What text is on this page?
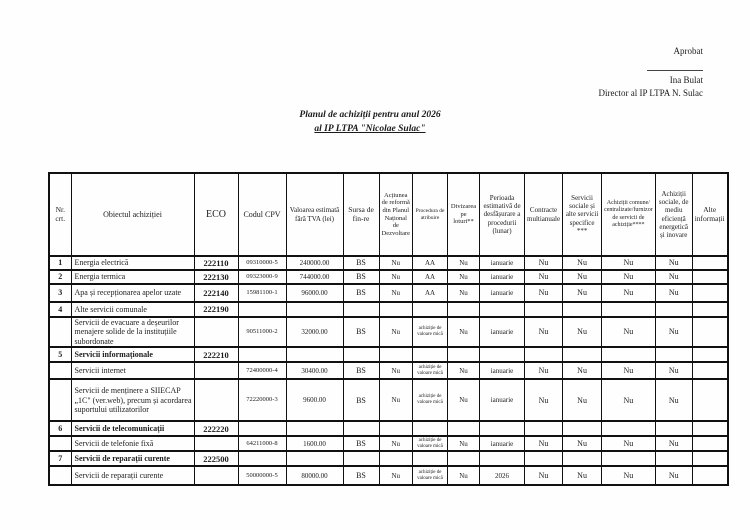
Aprobat
Ina Bulat
Director al IP LTPA N. Sulac
Planul de achiziții pentru anul 2026
al IP LTPA "Nicolae Sulac"
Nr. crt.	Obiectul achiziției	ECO	Codul CPV	Valoarea estimată fără TVA (lei)	Sursa de fin-re	Acțiunea de reformă din Planul Național de Dezvoltare	Procedura de atribuire	Divizarea pe loturi**	Perioada estimativă de desfășurare a procedurii (lunar)	Contracte multianuale	Servicii sociale și alte servicii specifice ***	Achiziții comune/ centralizate/furnizor de servicii de achiziție****	Achiziții sociale, de mediu eficiență energetică și inovare	Alte informații
1	Energia electrică	222110	09310000-5	240000.00	BS	Nu	AA	Nu	ianuarie	Nu	Nu	Nu	Nu	
2	Energia termica	222130	09323000-9	744000.00	BS	Nu	AA	Nu	ianuarie	Nu	Nu	Nu	Nu	
3	Apa și recepționarea apelor uzate	222140	15981100-1	96000.00	BS	Nu	AA	Nu	ianuarie	Nu	Nu	Nu	Nu	
4	Alte servicii comunale	222190												
	Servicii de evacuare a deșeurilor menajere solide de la instituțiile subordonate		90511000-2	32000.00	BS	Nu	achiziție de valoare mică	Nu	ianuarie	Nu	Nu	Nu	Nu	
5	Servicii informaționale	222210												
	Servicii internet		72400000-4	30400.00	BS	Nu	achiziție de valoare mică	Nu	ianuarie	Nu	Nu	Nu	Nu	
	Servicii de menținere a SIIECAP „1C" (ver.web), precum și acordarea suportului utilizatorilor		72220000-3	9600.00	BS	Nu	achiziție de valoare mică	Nu	ianuarie	Nu	Nu	Nu	Nu	
6	Servicii de telecomunicații	222220												
	Servicii de telefonie fixă		64211000-8	1600.00	BS	Nu	achiziție de valoare mică	Nu	ianuarie	Nu	Nu	Nu	Nu	
7	Servicii de reparații curente	222500												
	Servicii de reparații curente		50000000-5	80000.00	BS	Nu	achiziție de valoare mică	Nu	2026	Nu	Nu	Nu	Nu	
